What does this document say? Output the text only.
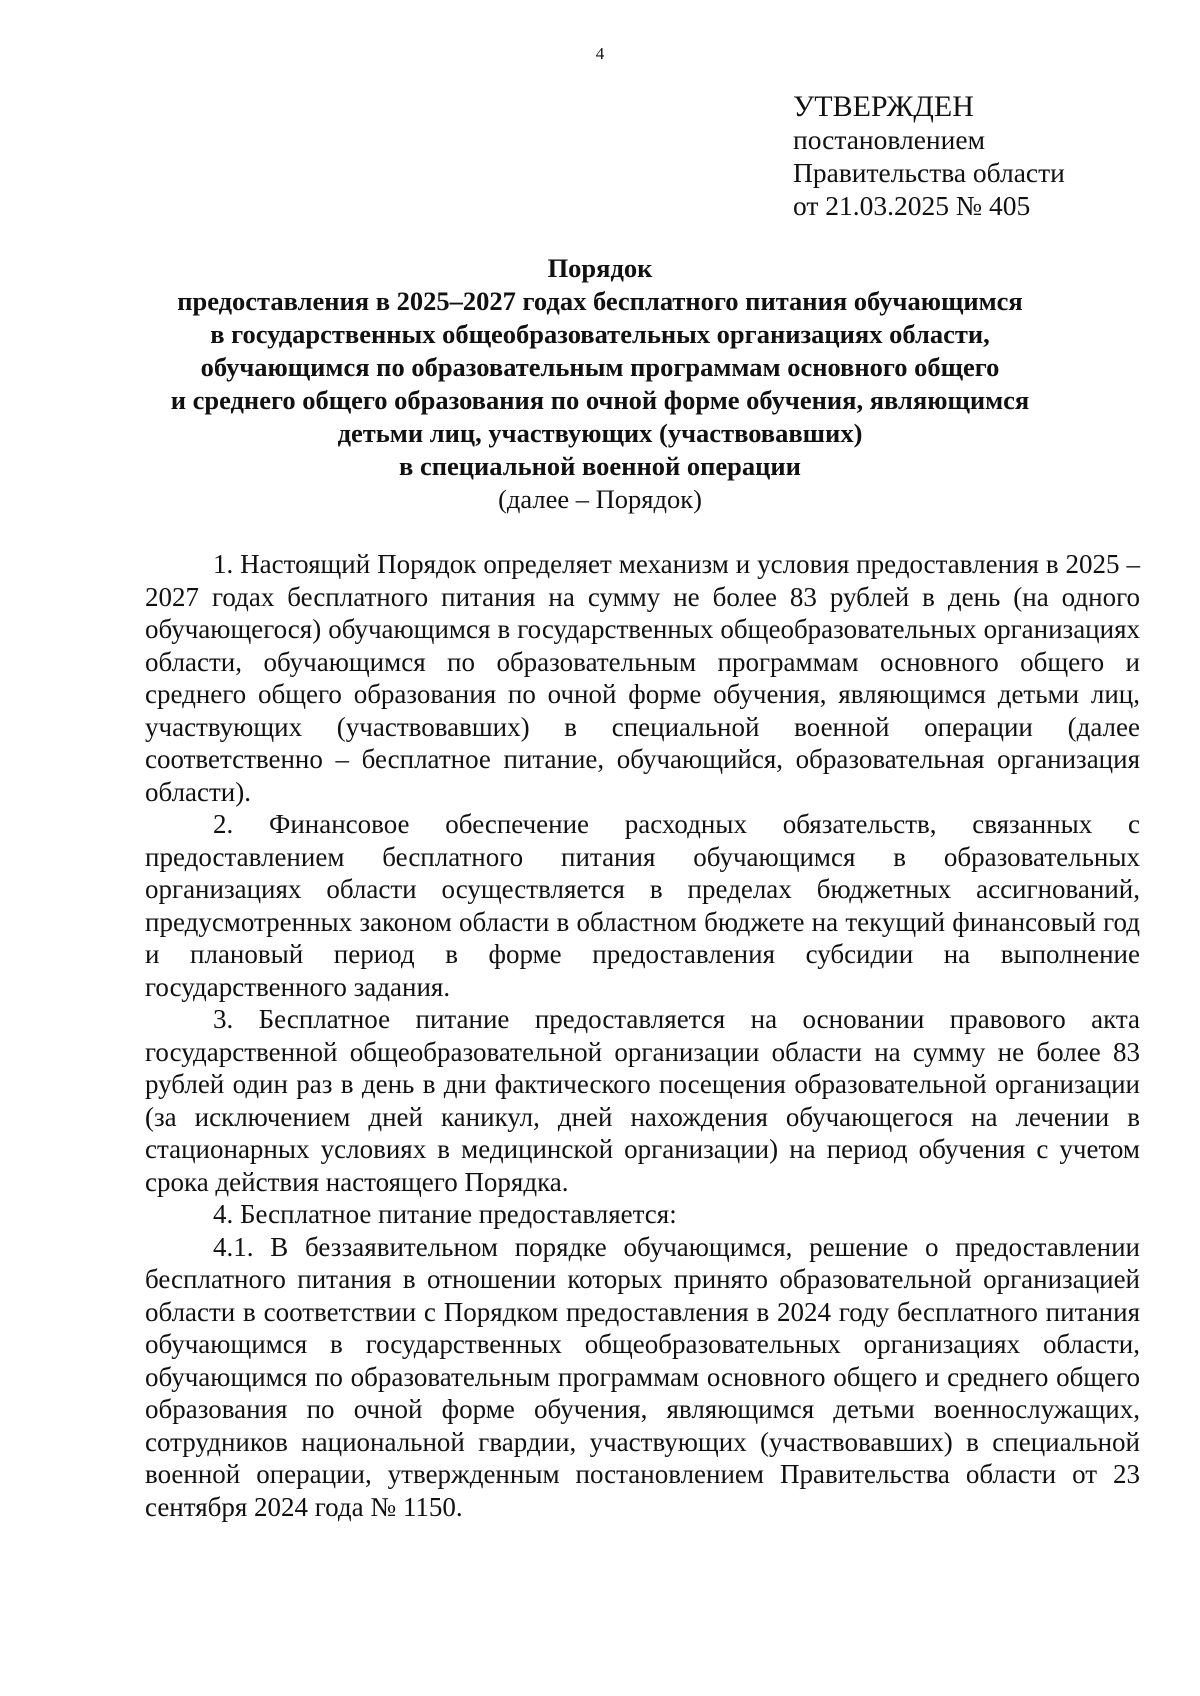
4
УТВЕРЖДЕН
постановлением
Правительства области
от 21.03.2025 № 405
Порядок
предоставления в 2025–2027 годах бесплатного питания обучающимся
в государственных общеобразовательных организациях области,
обучающимся по образовательным программам основного общего
и среднего общего образования по очной форме обучения, являющимся
детьми лиц, участвующих (участвовавших)
в специальной военной операции
(далее – Порядок)

1. Настоящий Порядок определяет механизм и условия предоставления в 2025 – 2027 годах бесплатного питания на сумму не более 83 рублей в день (на одного обучающегося) обучающимся в государственных общеобразовательных организациях области, обучающимся по образовательным программам основного общего и среднего общего образования по очной форме обучения, являющимся детьми лиц, участвующих (участвовавших) в специальной военной операции (далее соответственно – бесплатное питание, обучающийся, образовательная организация области).

2. Финансовое обеспечение расходных обязательств, связанных с предоставлением бесплатного питания обучающимся в образовательных организациях области осуществляется в пределах бюджетных ассигнований, предусмотренных законом области в областном бюджете на текущий финансовый год и плановый период в форме предоставления субсидии на выполнение государственного задания.

3. Бесплатное питание предоставляется на основании правового акта государственной общеобразовательной организации области на сумму не более 83 рублей один раз в день в дни фактического посещения образовательной организации (за исключением дней каникул, дней нахождения обучающегося на лечении в стационарных условиях в медицинской организации) на период обучения с учетом срока действия настоящего Порядка.

4. Бесплатное питание предоставляется:

4.1. В беззаявительном порядке обучающимся, решение о предоставлении бесплатного питания в отношении которых принято образовательной организацией области в соответствии с Порядком предоставления в 2024 году бесплатного питания обучающимся в государственных общеобразовательных организациях области, обучающимся по образовательным программам основного общего и среднего общего образования по очной форме обучения, являющимся детьми военнослужащих, сотрудников национальной гвардии, участвующих (участвовавших) в специальной военной операции, утвержденным постановлением Правительства области от 23 сентября 2024 года № 1150.
